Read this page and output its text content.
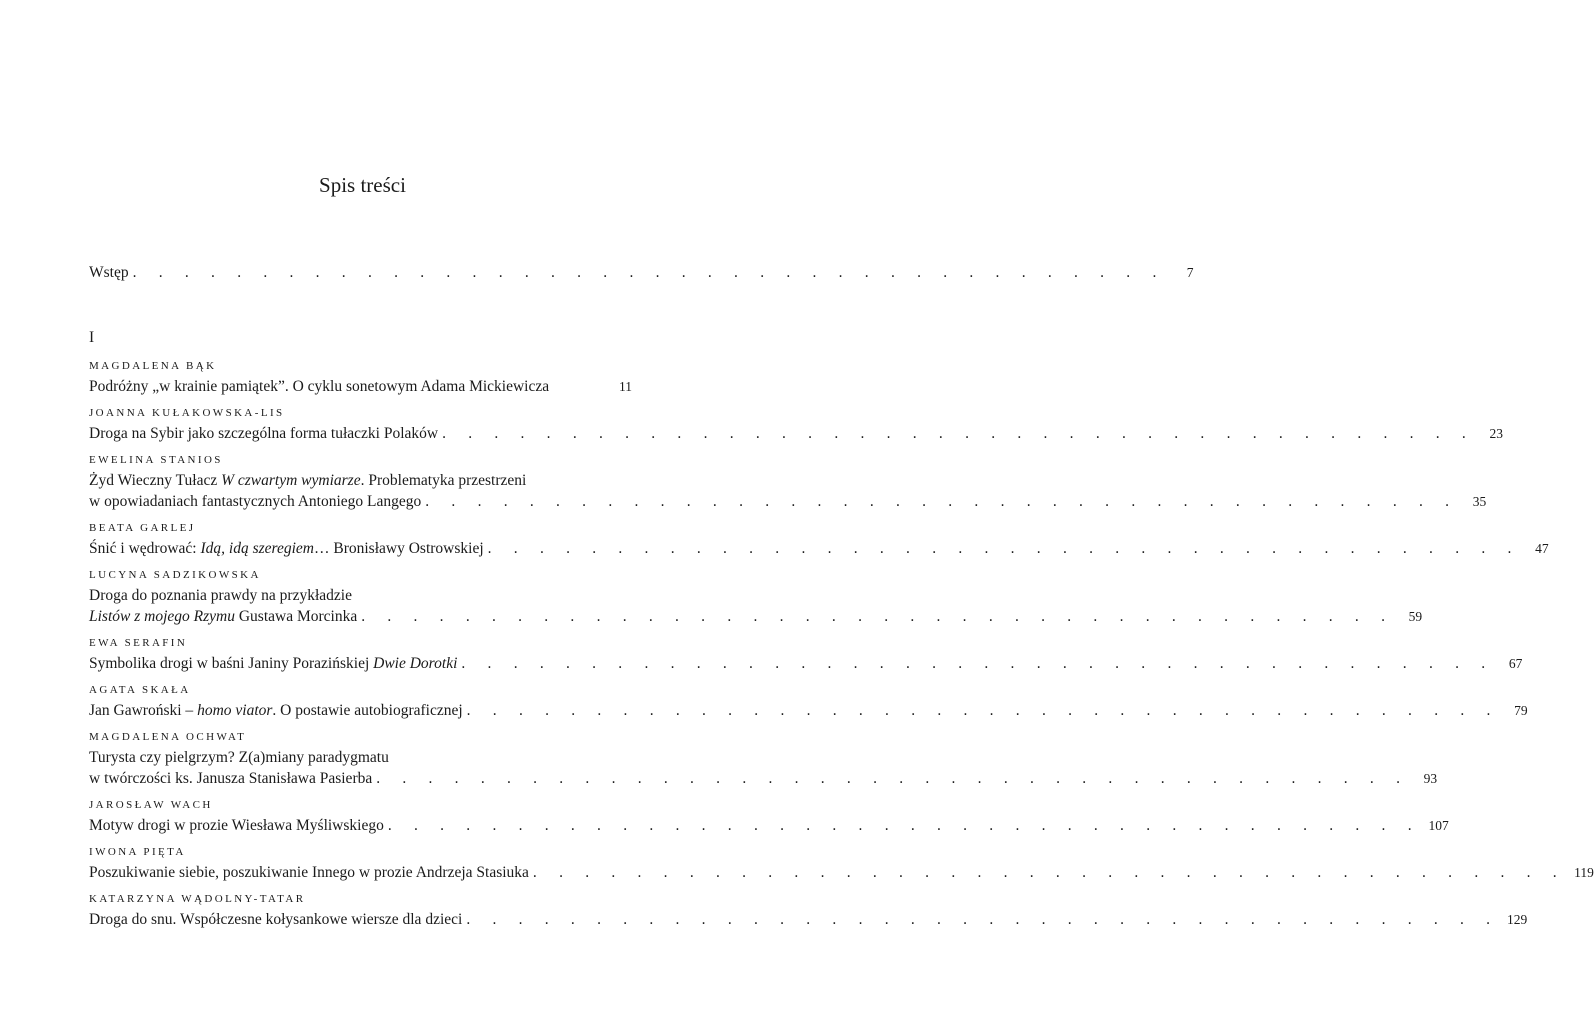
Spis treści
Wstęp . . . . . . . . . . . . . . . . . . . . . . . . . . . . . . . . . . . . . . . .	7
I
MAGDALENA BĄK
Podróżny „w krainie pamiątek”. O cyklu sonetowym Adama Mickiewicza	11
JOANNA KUŁAKOWSKA-LIS
Droga na Sybir jako szczególna forma tułaczki Polaków . . . . . . . . . . . . . . . . . . . . . . . . . . . . . . . . . . . . . . . .	23
EWELINA STANIOS
Żyd Wieczny Tułacz W czwartym wymiarze. Problematyka przestrzeni
w opowiadaniach fantastycznych Antoniego Langego . . . . . . . . . . . . . . . . . . . . . . . . . . . . . . . . . . . . . . . .	35
BEATA GARLEJ
Śnić i wędrować: Idą, idą szeregiem… Bronisławy Ostrowskiej . . . . . . . . . . . . . . . . . . . . . . . . . . . . . . . . . . . . . . . .	47
LUCYNA SADZIKOWSKA
Droga do poznania prawdy na przykładzie
Listów z mojego Rzymu Gustawa Morcinka . . . . . . . . . . . . . . . . . . . . . . . . . . . . . . . . . . . . . . . .	59
EWA SERAFIN
Symbolika drogi w baśni Janiny Porazińskiej Dwie Dorotki . . . . . . . . . . . . . . . . . . . . . . . . . . . . . . . . . . . . . . . .	67
AGATA SKAŁA
Jan Gawroński – homo viator. O postawie autobiograficznej . . . . . . . . . . . . . . . . . . . . . . . . . . . . . . . . . . . . . . . .	79
MAGDALENA OCHWAT
Turysta czy pielgrzym? Z(a)miany paradygmatu
w twórczości ks. Janusza Stanisława Pasierba . . . . . . . . . . . . . . . . . . . . . . . . . . . . . . . . . . . . . . . .	93
JAROSŁAW WACH
Motyw drogi w prozie Wiesława Myśliwskiego . . . . . . . . . . . . . . . . . . . . . . . . . . . . . . . . . . . . . . . . 107
IWONA PIĘTA
Poszukiwanie siebie, poszukiwanie Innego w prozie Andrzeja Stasiuka . . . . . . . . . . . . . . . . . . . . . . . . . . . . . . . . . . . . . . . . 119
KATARZYNA WĄDOLNY-TATAR
Droga do snu. Współczesne kołysankowe wiersze dla dzieci . . . . . . . . . . . . . . . . . . . . . . . . . . . . . . . . . . . . . . . . 129
